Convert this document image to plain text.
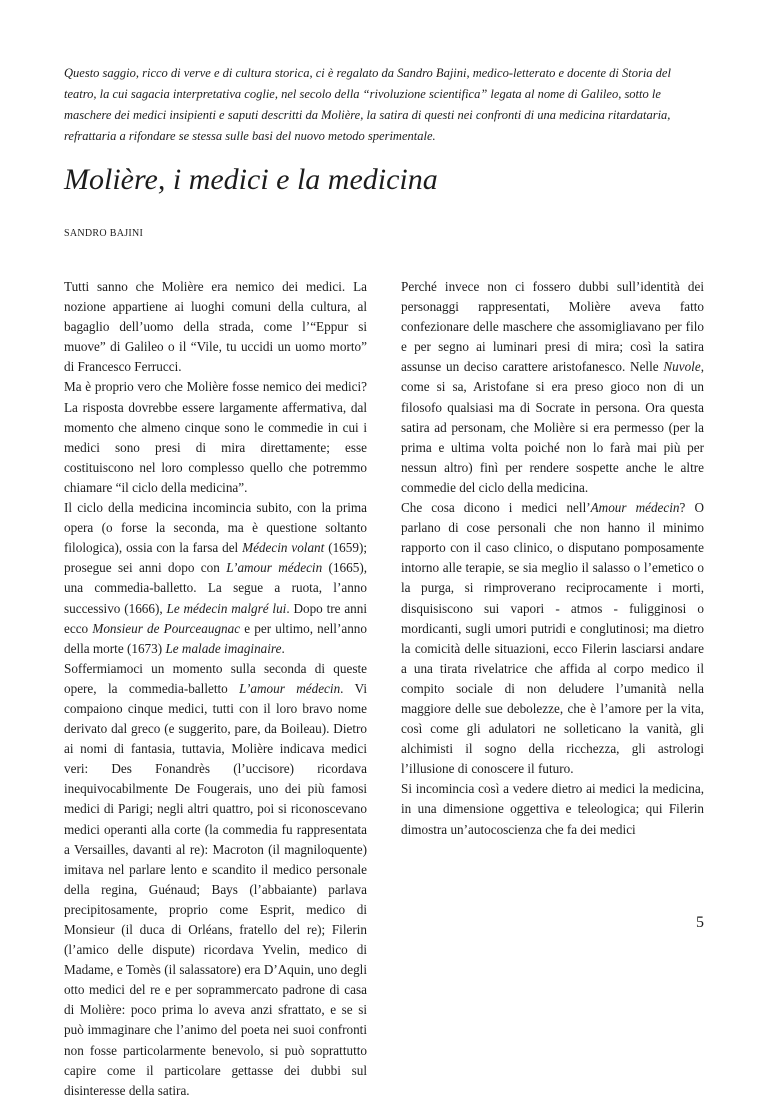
Questo saggio, ricco di verve e di cultura storica, ci è regalato da Sandro Bajini, medico-letterato e docente di Storia del teatro, la cui sagacia interpretativa coglie, nel secolo della “rivoluzione scientifica” legata al nome di Galileo, sotto le maschere dei medici insipienti e saputi descritti da Molière, la satira di questi nei confronti di una medicina ritardataria, refrattaria a rifondare se stessa sulle basi del nuovo metodo sperimentale.

Molière, i medici e la medicina

SANDRO BAJINI

Tutti sanno che Molière era nemico dei medici. La nozione appartiene ai luoghi comuni della cultura, al bagaglio dell’uomo della strada, come l’“Eppur si muove” di Galileo o il “Vile, tu uccidi un uomo morto” di Francesco Ferrucci.

Ma è proprio vero che Molière fosse nemico dei medici? La risposta dovrebbe essere largamente affermativa, dal momento che almeno cinque sono le commedie in cui i medici sono presi di mira direttamente; esse costituiscono nel loro complesso quello che potremmo chiamare “il ciclo della medicina”.

Il ciclo della medicina incomincia subito, con la prima opera (o forse la seconda, ma è questione soltanto filologica), ossia con la farsa del Médecin volant (1659); prosegue sei anni dopo con L’amour médecin (1665), una commedia-balletto. La segue a ruota, l’anno successivo (1666), Le médecin malgré lui. Dopo tre anni ecco Monsieur de Pourceaugnac e per ultimo, nell’anno della morte (1673) Le malade imaginaire.

Soffermiamoci un momento sulla seconda di queste opere, la commedia-balletto L’amour médecin. Vi compaiono cinque medici, tutti con il loro bravo nome derivato dal greco (e suggerito, pare, da Boileau). Dietro ai nomi di fantasia, tuttavia, Molière indicava medici veri: Des Fonandrès (l’uccisore) ricordava inequivocabilmente De Fougerais, uno dei più famosi medici di Parigi; negli altri quattro, poi si riconoscevano medici operanti alla corte (la commedia fu rappresentata a Versailles, davanti al re): Macroton (il magniloquente) imitava nel parlare lento e scandito il medico personale della regina, Guénaud; Bays (l’abbaiante) parlava precipitosamente, proprio come Esprit, medico di Monsieur (il duca di Orléans, fratello del re); Filerin (l’amico delle dispute) ricordava Yvelin, medico di Madame, e Tomès (il salassatore) era D’Aquin, uno degli otto medici del re e per soprammercato padrone di casa di Molière: poco prima lo aveva anzi sfrattato, e se si può immaginare che l’animo del poeta nei suoi confronti non fosse particolarmente benevolo, si può soprattutto capire come il particolare gettasse dei dubbi sul disinteresse della satira.

Perché invece non ci fossero dubbi sull’identità dei personaggi rappresentati, Molière aveva fatto confezionare delle maschere che assomigliavano per filo e per segno ai luminari presi di mira; così la satira assunse un deciso carattere aristofanesco. Nelle Nuvole, come si sa, Aristofane si era preso gioco non di un filosofo qualsiasi ma di Socrate in persona. Ora questa satira ad personam, che Molière si era permesso (per la prima e ultima volta poiché non lo farà mai più per nessun altro) finì per rendere sospette anche le altre commedie del ciclo della medicina.

Che cosa dicono i medici nell’Amour médecin? O parlano di cose personali che non hanno il minimo rapporto con il caso clinico, o disputano pomposamente intorno alle terapie, se sia meglio il salasso o l’emetico o la purga, si rimproverano reciprocamente i morti, disquisiscono sui vapori - atmos - fuligginosi o mordicanti, sugli umori putridi e conglutinosi; ma dietro la comicità delle situazioni, ecco Filerin lasciarsi andare a una tirata rivelatrice che affida al corpo medico il compito sociale di non deludere l’umanità nella maggiore delle sue debolezze, che è l’amore per la vita, così come gli adulatori ne solleticano la vanità, gli alchimisti il sogno della ricchezza, gli astrologi l’illusione di conoscere il futuro.

Si incomincia così a vedere dietro ai medici la medicina, in una dimensione oggettiva e teleologica; qui Filerin dimostra un’autocoscienza che fa dei medici

5
